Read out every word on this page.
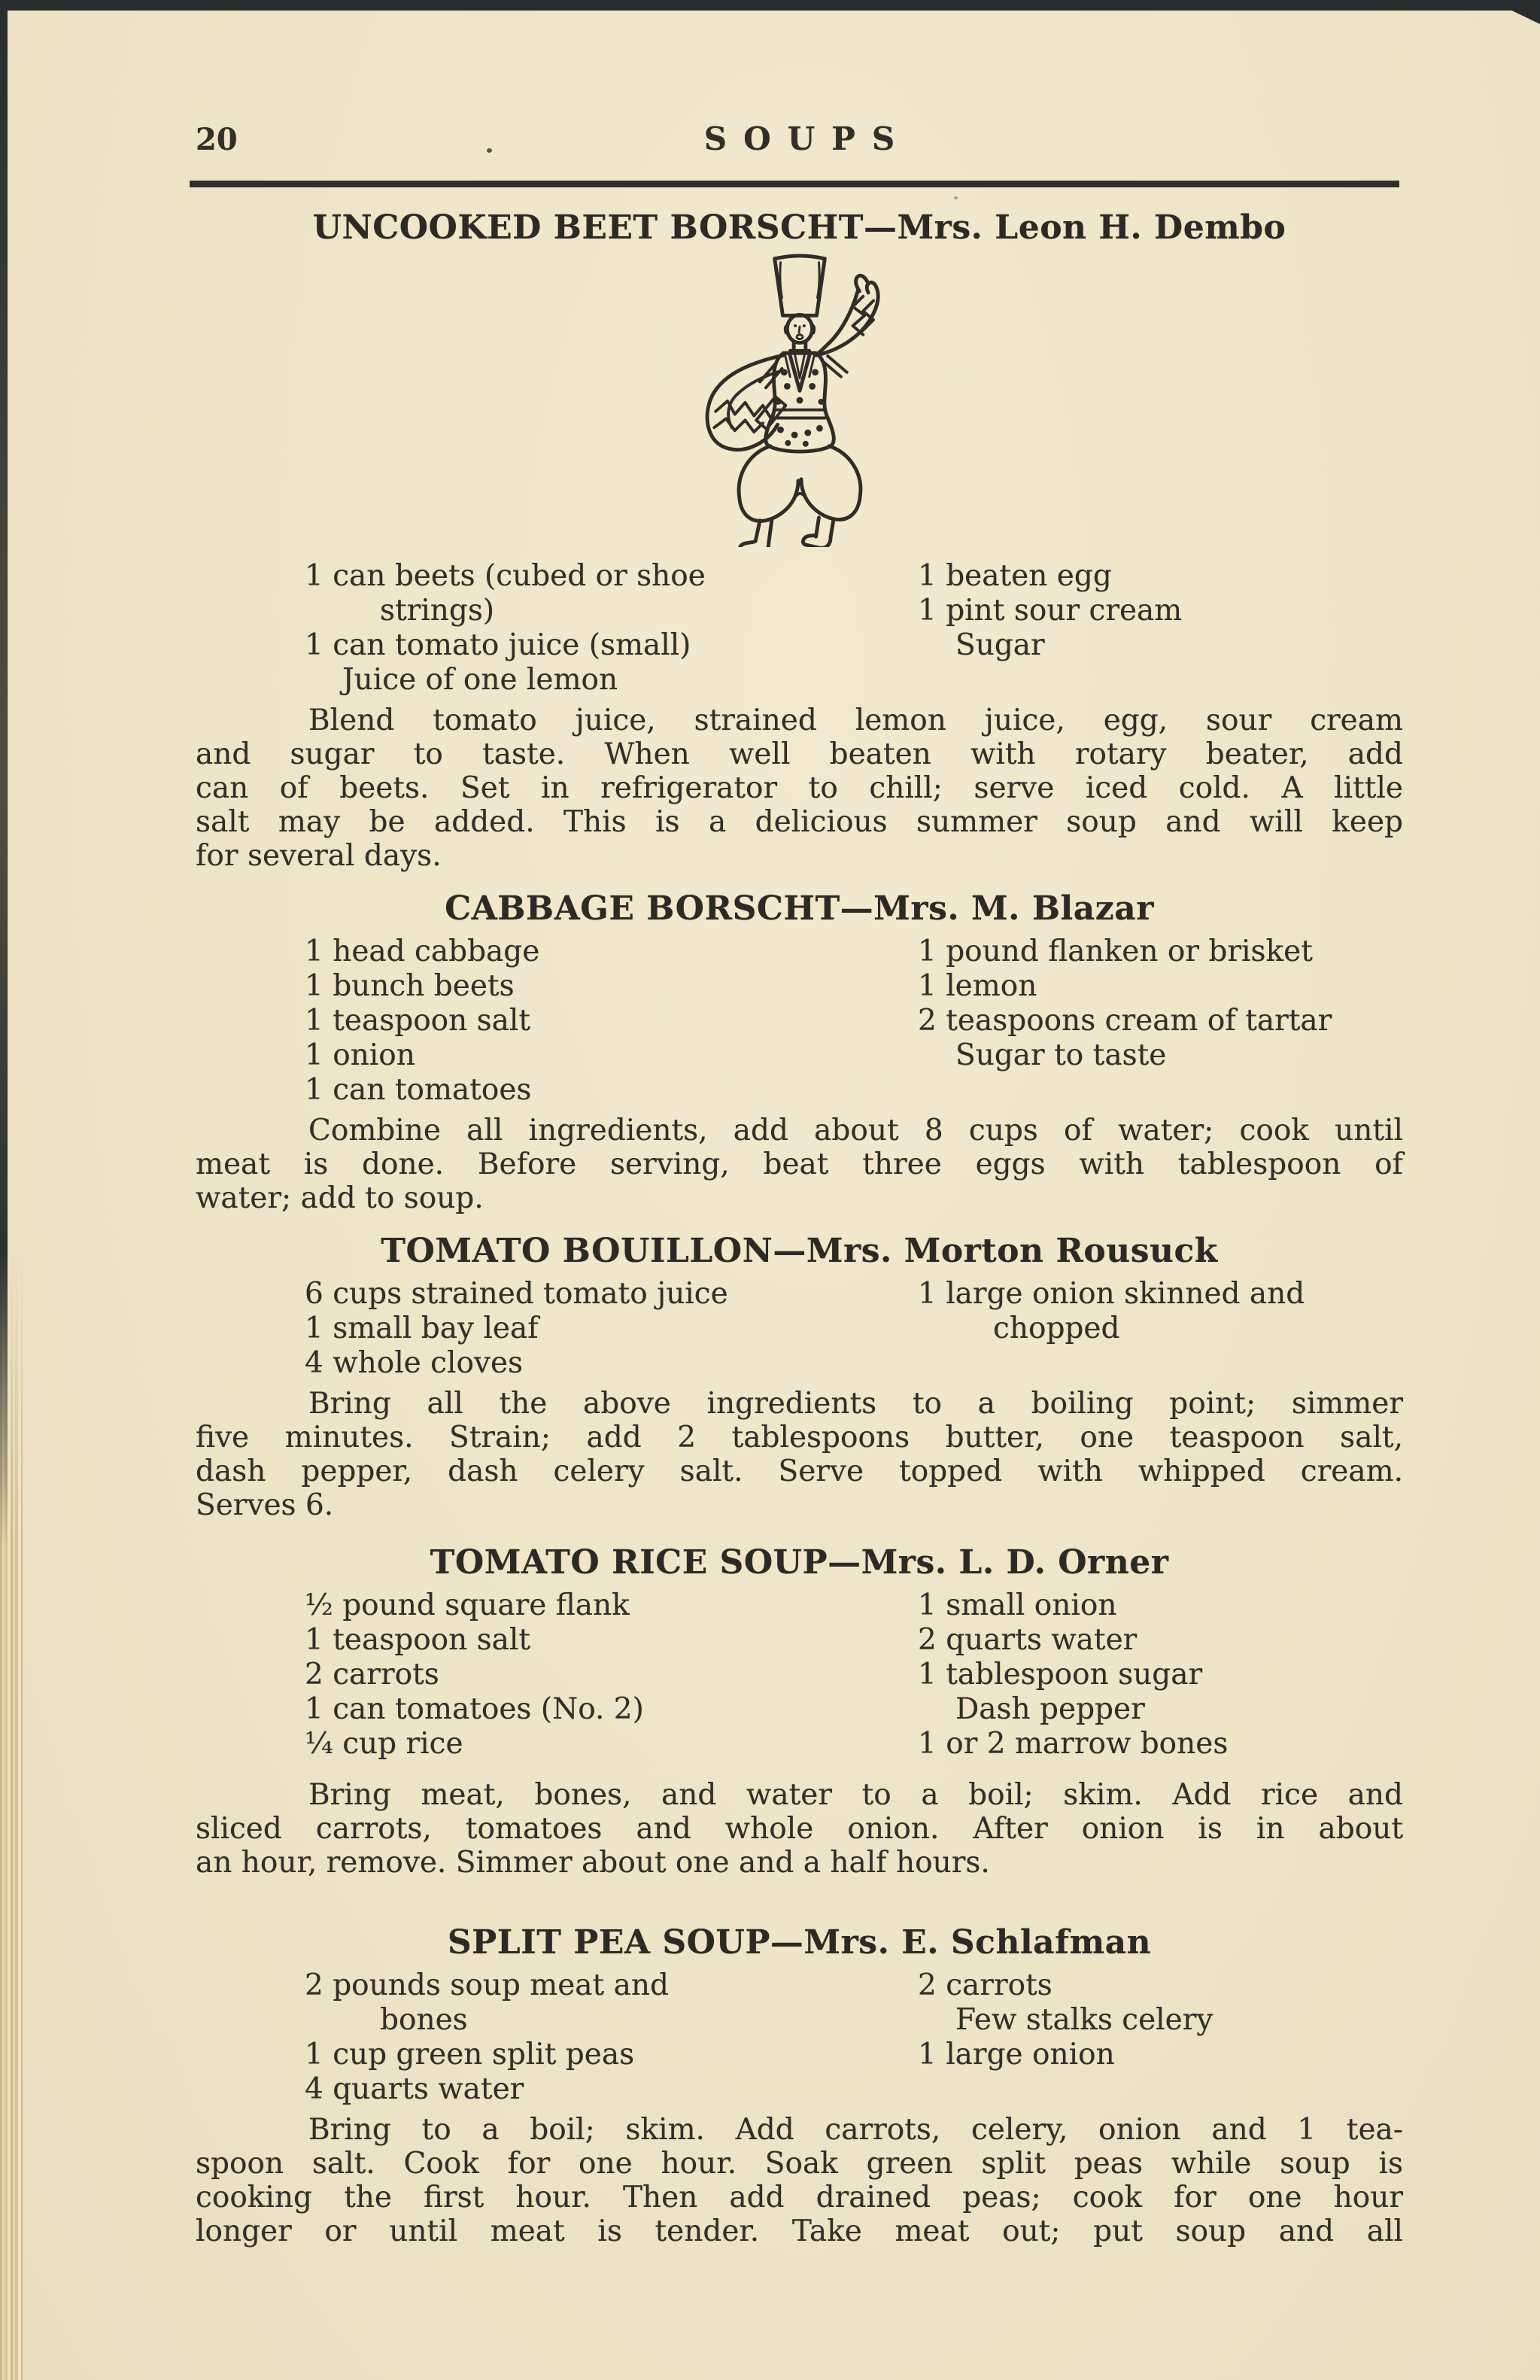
20	SOUPS
UNCOOKED BEET BORSCHT—Mrs. Leon H. Dembo
1 can beets (cubed or shoe
strings)
1 can tomato juice (small)
Juice of one lemon
1 beaten egg
1 pint sour cream
Sugar
Blend tomato juice, strained lemon juice, egg, sour cream
and sugar to taste. When well beaten with rotary beater, add
can of beets. Set in refrigerator to chill; serve iced cold. A little
salt may be added. This is a delicious summer soup and will keep
for several days.
CABBAGE BORSCHT—Mrs. M. Blazar
1 head cabbage
1 bunch beets
1 teaspoon salt
1 onion
1 can tomatoes
1 pound flanken or brisket
1 lemon
2 teaspoons cream of tartar
Sugar to taste
Combine all ingredients, add about 8 cups of water; cook until
meat is done. Before serving, beat three eggs with tablespoon of
water; add to soup.
TOMATO BOUILLON—Mrs. Morton Rousuck
6 cups strained tomato juice
1 small bay leaf
4 whole cloves
1 large onion skinned and
chopped
Bring all the above ingredients to a boiling point; simmer
five minutes. Strain; add 2 tablespoons butter, one teaspoon salt,
dash pepper, dash celery salt. Serve topped with whipped cream.
Serves 6.
TOMATO RICE SOUP—Mrs. L. D. Orner
½ pound square flank
1 teaspoon salt
2 carrots
1 can tomatoes (No. 2)
¼ cup rice
1 small onion
2 quarts water
1 tablespoon sugar
Dash pepper
1 or 2 marrow bones
Bring meat, bones, and water to a boil; skim. Add rice and
sliced carrots, tomatoes and whole onion. After onion is in about
an hour, remove. Simmer about one and a half hours.
SPLIT PEA SOUP—Mrs. E. Schlafman
2 pounds soup meat and
bones
1 cup green split peas
4 quarts water
2 carrots
Few stalks celery
1 large onion
Bring to a boil; skim. Add carrots, celery, onion and 1 tea-
spoon salt. Cook for one hour. Soak green split peas while soup is
cooking the first hour. Then add drained peas; cook for one hour
longer or until meat is tender. Take meat out; put soup and all
